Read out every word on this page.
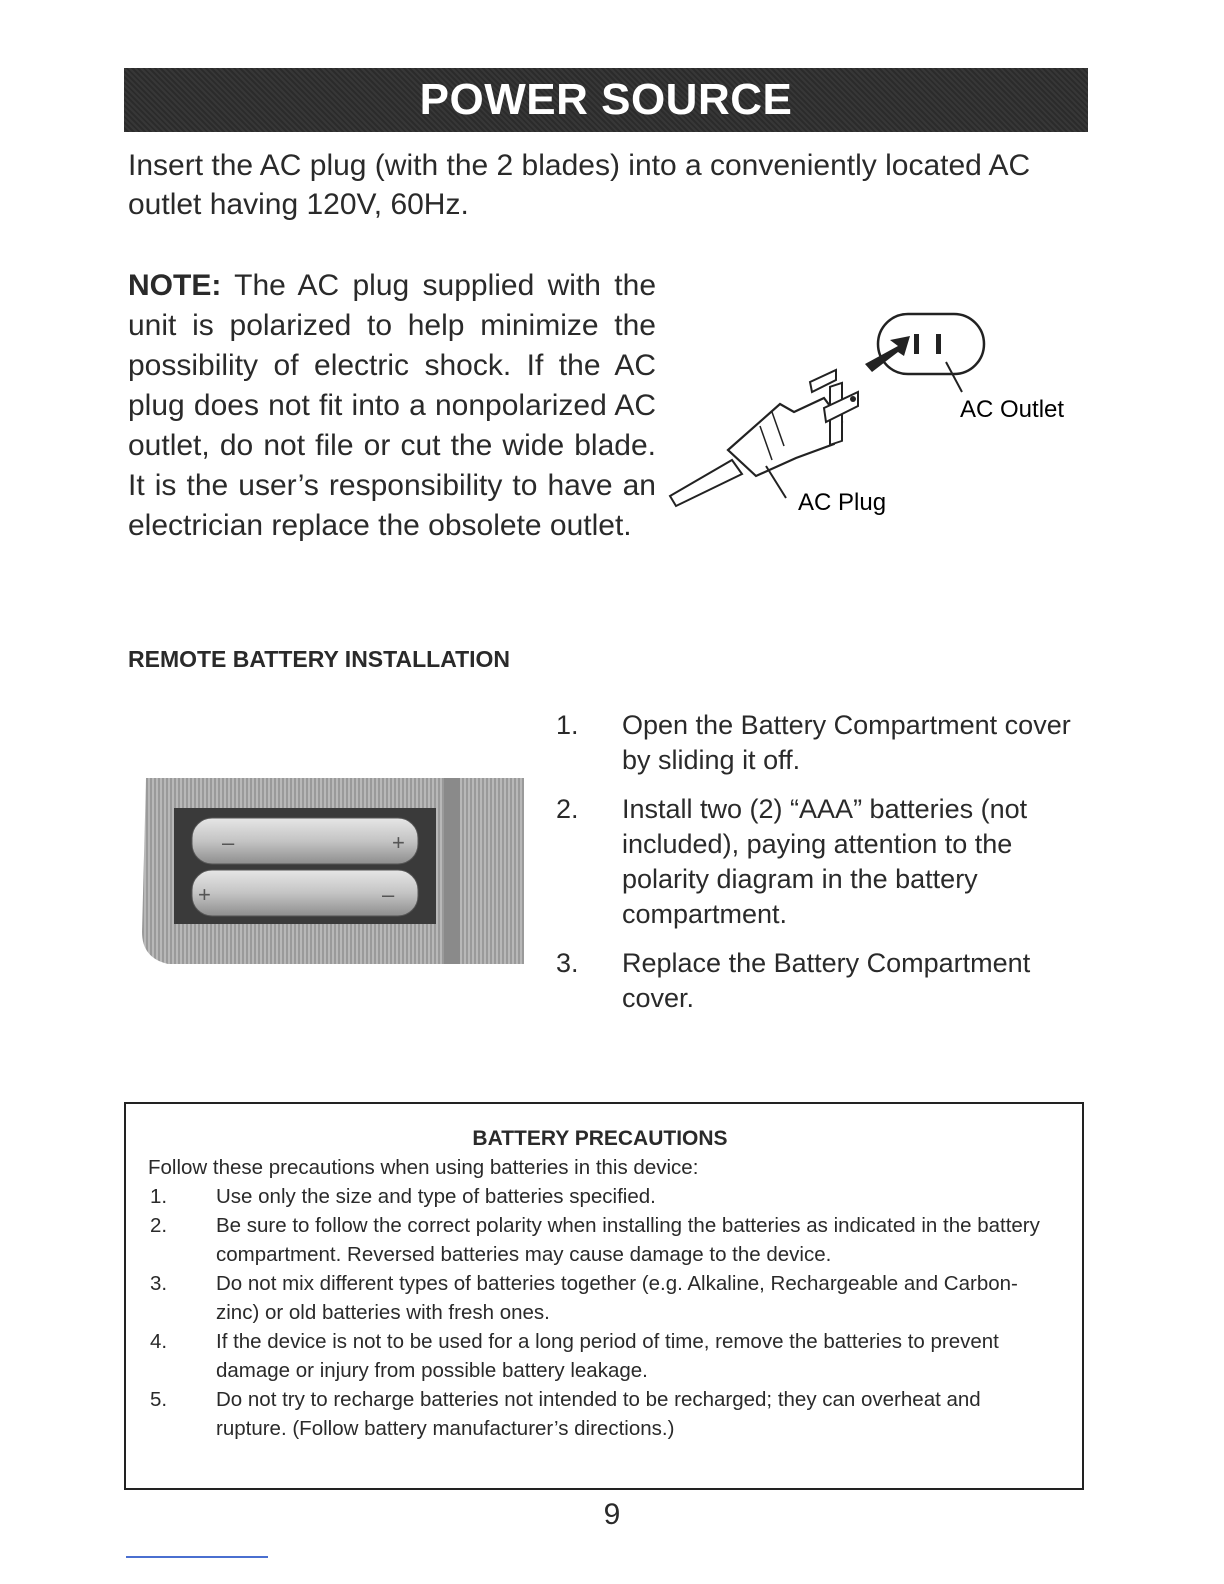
POWER SOURCE
Insert the AC plug (with the 2 blades) into a conveniently located AC outlet having 120V, 60Hz.
NOTE: The AC plug supplied with the unit is polarized to help minimize the possibility of electric shock. If the AC plug does not fit into a nonpolarized AC outlet, do not file or cut the wide blade. It is the user’s responsibility to have an electrician replace the obsolete outlet.
AC Outlet
AC Plug
REMOTE BATTERY INSTALLATION
–	+
+	–
1.	Open the Battery Compartment cover by sliding it off.
2.	Install two (2) “AAA” batteries (not included), paying attention to the polarity diagram in the battery compartment.
3.	Replace the Battery Compartment cover.
BATTERY PRECAUTIONS
Follow these precautions when using batteries in this device:
1.	Use only the size and type of batteries specified.
2.	Be sure to follow the correct polarity when installing the batteries as indicated in the battery compartment. Reversed batteries may cause damage to the device.
3.	Do not mix different types of batteries together (e.g. Alkaline, Rechargeable and Carbon-zinc) or old batteries with fresh ones.
4.	If the device is not to be used for a long period of time, remove the batteries to prevent damage or injury from possible battery leakage.
5.	Do not try to recharge batteries not intended to be recharged; they can overheat and rupture. (Follow battery manufacturer’s directions.)
9
